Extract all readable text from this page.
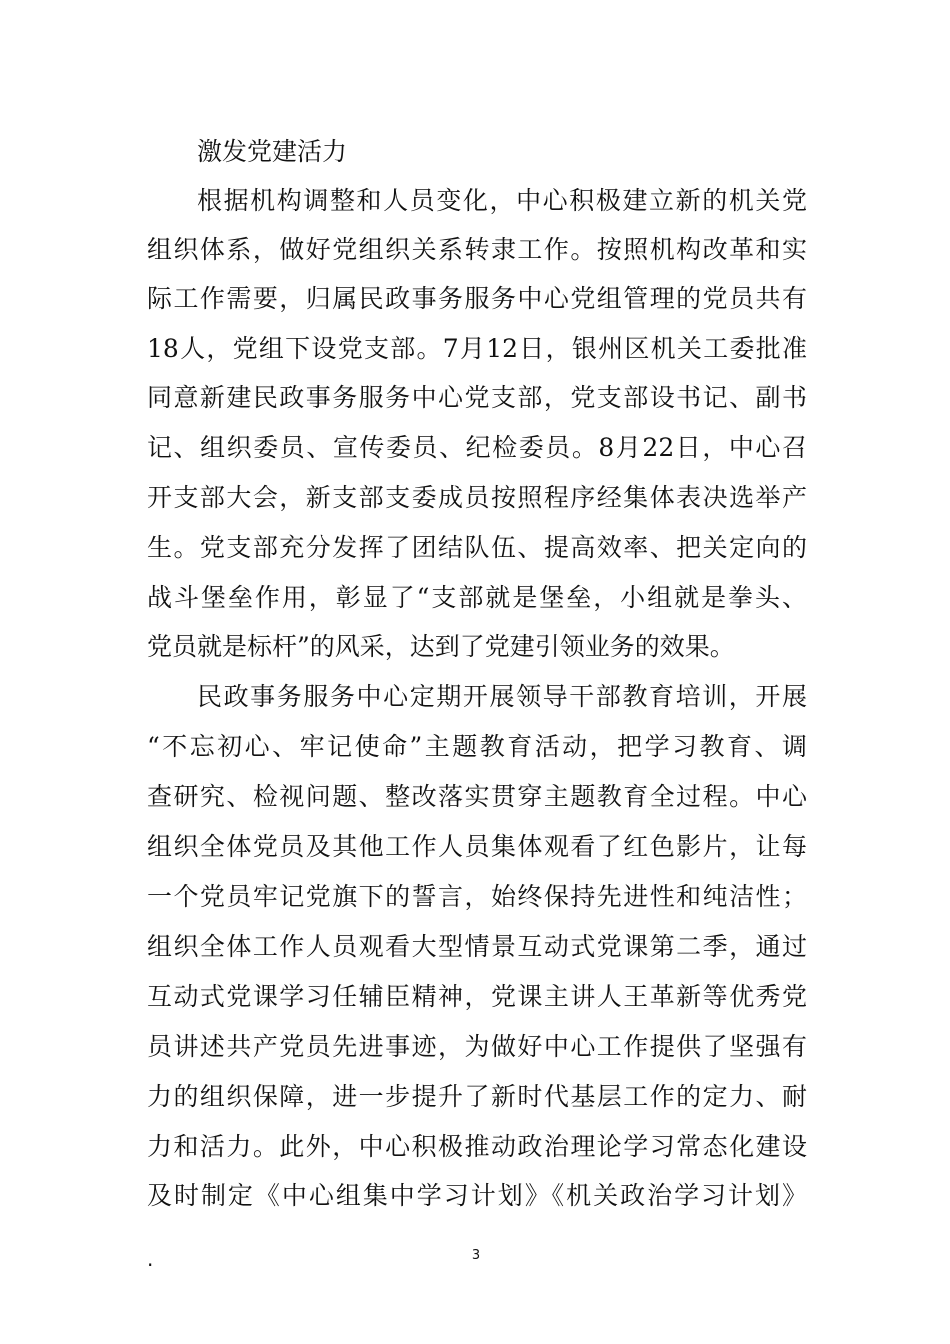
激发党建活力
根据机构调整和人员变化，中心积极建立新的机关党
组织体系，做好党组织关系转隶工作。按照机构改革和实
际工作需要，归属民政事务服务中心党组管理的党员共有
18人，党组下设党支部。7月12日，银州区机关工委批准
同意新建民政事务服务中心党支部，党支部设书记、副书
记、组织委员、宣传委员、纪检委员。8月22日，中心召
开支部大会，新支部支委成员按照程序经集体表决选举产
生。党支部充分发挥了团结队伍、提高效率、把关定向的
战斗堡垒作用，彰显了“支部就是堡垒，小组就是拳头、
党员就是标杆”的风采，达到了党建引领业务的效果。
民政事务服务中心定期开展领导干部教育培训，开展
“不忘初心、牢记使命”主题教育活动，把学习教育、调
查研究、检视问题、整改落实贯穿主题教育全过程。中心
组织全体党员及其他工作人员集体观看了红色影片，让每
一个党员牢记党旗下的誓言，始终保持先进性和纯洁性；
组织全体工作人员观看大型情景互动式党课第二季，通过
互动式党课学习任辅臣精神，党课主讲人王革新等优秀党
员讲述共产党员先进事迹，为做好中心工作提供了坚强有
力的组织保障，进一步提升了新时代基层工作的定力、耐
力和活力。此外，中心积极推动政治理论学习常态化建设
及时制定《中心组集中学习计划》《机关政治学习计划》
.	3
